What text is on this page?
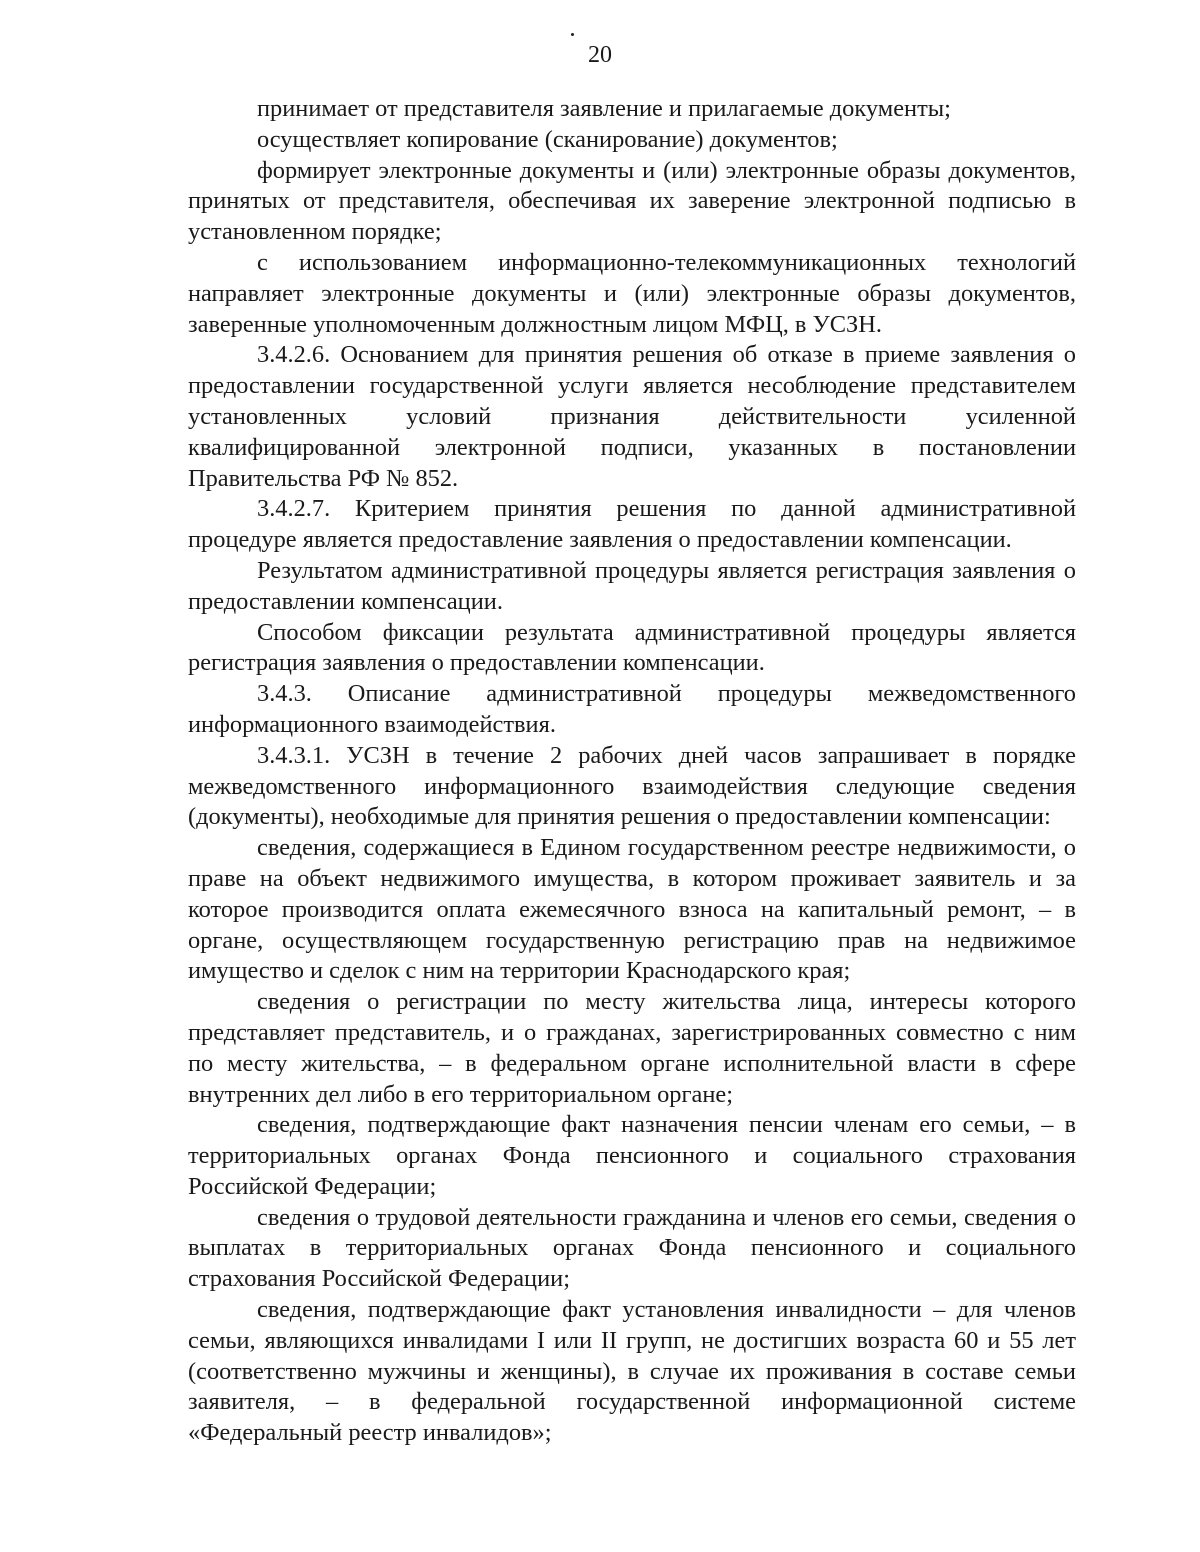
20

принимает от представителя заявление и прилагаемые документы;

осуществляет копирование (сканирование) документов;

формирует электронные документы и (или) электронные образы документов, принятых от представителя, обеспечивая их заверение электронной подписью в установленном порядке;

с использованием информационно-телекоммуникационных технологий направляет электронные документы и (или) электронные образы документов, заверенные уполномоченным должностным лицом МФЦ, в УСЗН.

3.4.2.6. Основанием для принятия решения об отказе в приеме заявления о предоставлении государственной услуги является несоблюдение представителем установленных условий признания действительности усиленной квалифицированной электронной подписи, указанных в постановлении Правительства РФ № 852.

3.4.2.7. Критерием принятия решения по данной административной процедуре является предоставление заявления о предоставлении компенсации.

Результатом административной процедуры является регистрация заявления о предоставлении компенсации.

Способом фиксации результата административной процедуры является регистрация заявления о предоставлении компенсации.

3.4.3. Описание административной процедуры межведомственного информационного взаимодействия.

3.4.3.1. УСЗН в течение 2 рабочих дней часов запрашивает в порядке межведомственного информационного взаимодействия следующие сведения (документы), необходимые для принятия решения о предоставлении компенсации:

сведения, содержащиеся в Едином государственном реестре недвижимости, о праве на объект недвижимого имущества, в котором проживает заявитель и за которое производится оплата ежемесячного взноса на капитальный ремонт, – в органе, осуществляющем государственную регистрацию прав на недвижимое имущество и сделок с ним на территории Краснодарского края;

сведения о регистрации по месту жительства лица, интересы которого представляет представитель, и о гражданах, зарегистрированных совместно с ним по месту жительства, – в федеральном органе исполнительной власти в сфере внутренних дел либо в его территориальном органе;

сведения, подтверждающие факт назначения пенсии членам его семьи, – в территориальных органах Фонда пенсионного и социального страхования Российской Федерации;

сведения о трудовой деятельности гражданина и членов его семьи, сведения о выплатах в территориальных органах Фонда пенсионного и социального страхования Российской Федерации;

сведения, подтверждающие факт установления инвалидности – для членов семьи, являющихся инвалидами I или II групп, не достигших возраста 60 и 55 лет (соответственно мужчины и женщины), в случае их проживания в составе семьи заявителя, – в федеральной государственной информационной системе «Федеральный реестр инвалидов»;
